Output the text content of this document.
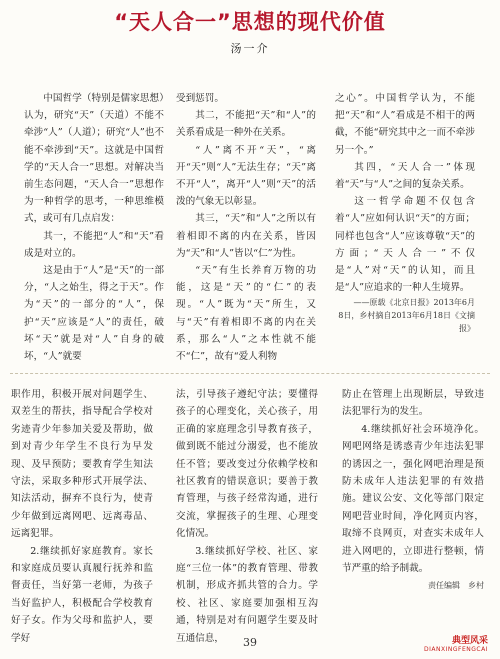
“天人合一”思想的现代价值
汤一介

中国哲学（特别是儒家思想）认为，研究“天”（天道）不能不牵涉“人”（人道）；研究“人”也不能不牵涉到“天”。这就是中国哲学的“天人合一”思想。对解决当前生态问题，“天人合一”思想作为一种哲学的思考，一种思维模式，或可有几点启发：

其一，不能把“人”和“天”看成是对立的。

这是由于“人”是“天”的一部分，“人之始生，得之于天”。作为“天”的一部分的“人”，保护“天”应该是“人”的责任，破坏“天”就是对“人”自身的破坏，“人”就要

受到惩罚。

其二，不能把“天”和“人”的关系看成是一种外在关系。

“人”离不开“天”，“离开“天”则“人”无法生存；“天”离不开“人”，离开“人”则“天”的活泼的气象无以彰显。

其三，“天”和“人”之所以有着相即不离的内在关系，皆因为“天”和“人”皆以“仁”为性。

“天”有生长养育万物的功能，这是“天”的“仁”的表现。“人”既为“天”所生，又与“天”有着相即不离的内在关系，那么“人”之本性就不能不“仁”，故有“爱人利物

之心”。中国哲学认为，不能把“天”和“人”看成是不相干的两截，不能“研究其中之一而不牵涉另一个。”

其四，“天人合一”体现着“天”与“人”之间的复杂关系。

这一哲学命题不仅包含着“人”应如何认识“天”的方面；同样也包含“人”应该尊敬“天”的方面；“天人合一”不仅是“人”对“天”的认知，而且是“人”应追求的一种人生境界。

——原载《北京日报》2013年6月8日，乡村摘自2013年6月18日《文摘报》

职作用，积极开展对问题学生、双差生的帮扶，指导配合学校对劣迹青少年参加关爱及帮助，做到对青少年学生不良行为早发现、及早预防；要教育学生知法守法，采取多种形式开展学法、知法活动，摒弃不良行为，使青少年做到远离网吧、远离毒品、远离犯罪。

2.继续抓好家庭教育。家长和家庭成员要认真履行抚养和监督责任，当好第一老师，为孩子当好监护人，积极配合学校教育好子女。作为父母和监护人，要学好

法，引导孩子遵纪守法；要懂得孩子的心理变化，关心孩子，用正确的家庭理念引导教育孩子，做到既不能过分溺爱，也不能放任不管；要改变过分依赖学校和社区教育的错误意识；要善于教育管理，与孩子经常沟通，进行交流，掌握孩子的生理、心理变化情况。

3.继续抓好学校、社区、家庭“三位一体”的教育管理、带教机制，形成齐抓共管的合力。学校、社区、家庭要加强相互沟通，特别是对有问题学生要及时互通信息，

防止在管理上出现断层，导致违法犯罪行为的发生。

4.继续抓好社会环境净化。网吧网络是诱惑青少年违法犯罪的诱因之一，强化网吧治理是预防未成年人违法犯罪的有效措施。建议公安、文化等部门限定网吧营业时间，净化网页内容，取缔不良网页，对查实未成年人进入网吧的，立即进行整顿，情节严重的给予制裁。

责任编辑　乡村

39	典型风采
DIANXINGFENGCAI
